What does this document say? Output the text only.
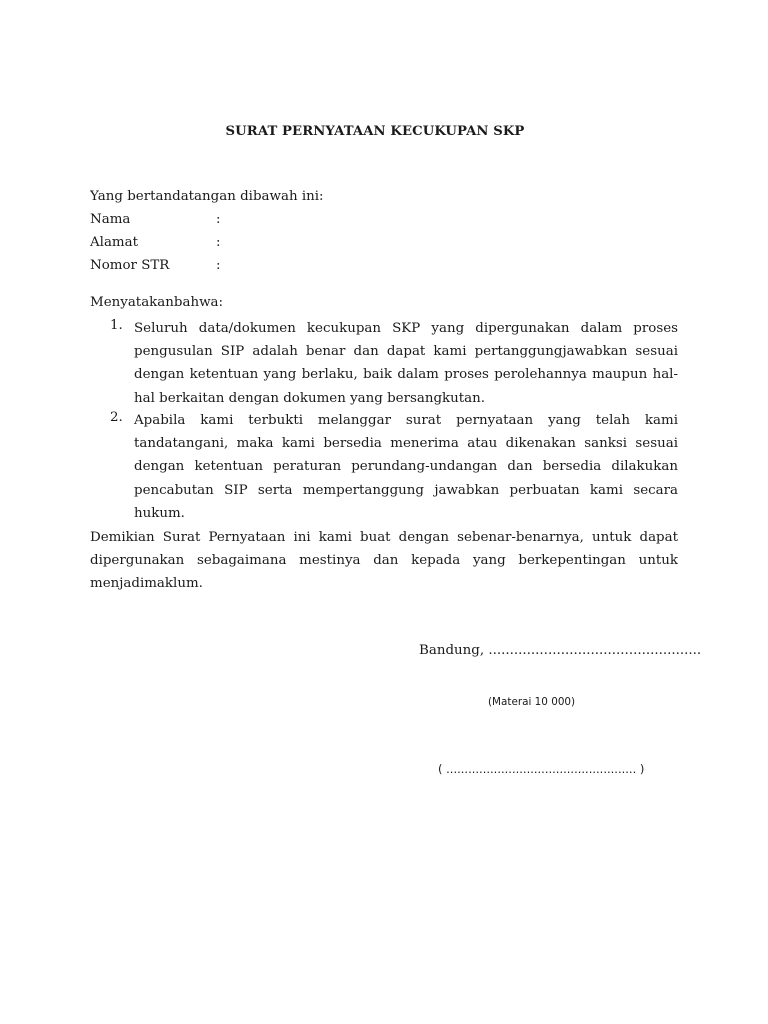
SURAT PERNYATAAN KECUKUPAN SKP
Yang bertandatangan dibawah ini:
Nama	:
Alamat	:
Nomor STR	:
Menyatakanbahwa:
1. Seluruh data/dokumen kecukupan SKP yang dipergunakan dalam proses pengusulan SIP adalah benar dan dapat kami pertanggungjawabkan sesuai dengan ketentuan yang berlaku, baik dalam proses perolehannya maupun hal-hal berkaitan dengan dokumen yang bersangkutan.
2. Apabila kami terbukti melanggar surat pernyataan yang telah kami tandatangani, maka kami bersedia menerima atau dikenakan sanksi sesuai dengan ketentuan peraturan perundang-undangan dan bersedia dilakukan pencabutan SIP serta mempertanggung jawabkan perbuatan kami secara hukum.
Demikian Surat Pernyataan ini kami buat dengan sebenar-benarnya, untuk dapat dipergunakan sebagaimana mestinya dan kepada yang berkepentingan untuk menjadimaklum.
Bandung, ..................................................
(Materai 10 000)
( .................................................... )
